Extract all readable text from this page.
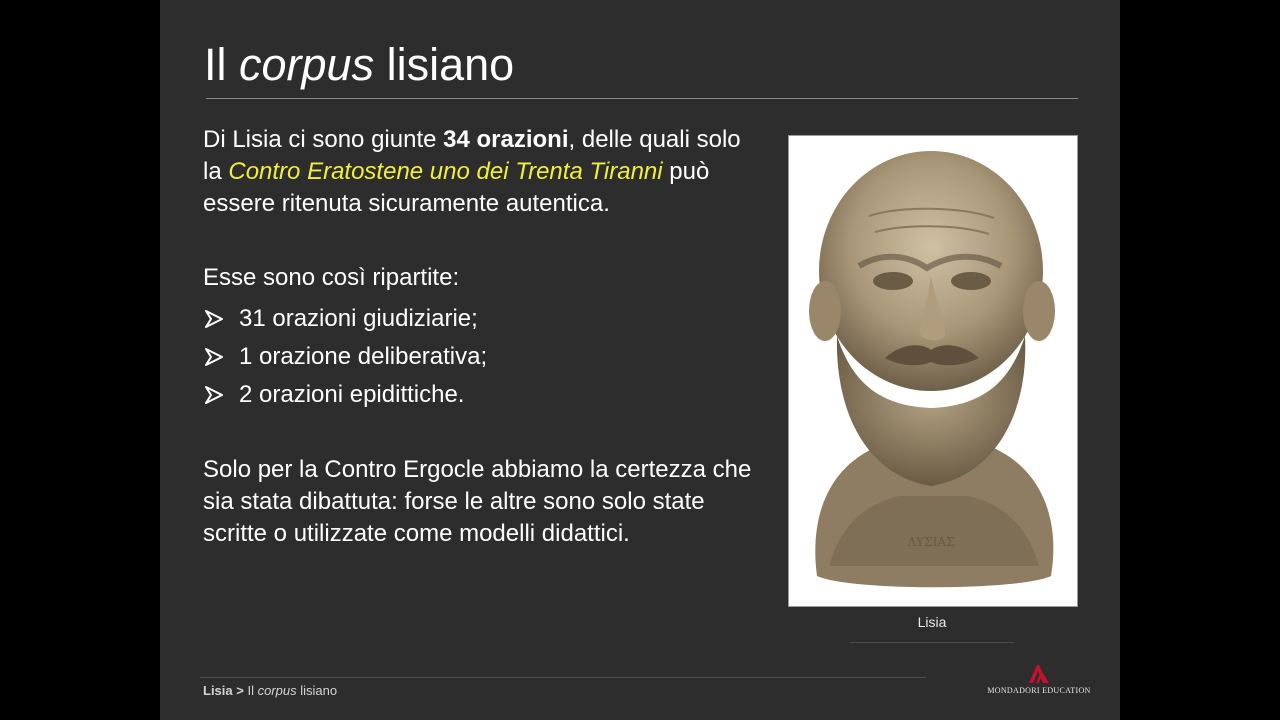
Il corpus lisiano

Di Lisia ci sono giunte 34 orazioni, delle quali solo la Contro Eratostene uno dei Trenta Tiranni può essere ritenuta sicuramente autentica.

Esse sono così ripartite:

31 orazioni giudiziarie;
1 orazione deliberativa;
2 orazioni epidittiche.

Solo per la Contro Ergocle abbiamo la certezza che sia stata dibattuta: forse le altre sono solo state scritte o utilizzate come modelli didattici.	ΛΥΣΙΑΣ
Lisia
Lisia > Il corpus lisiano	MONDADORI EDUCATION
